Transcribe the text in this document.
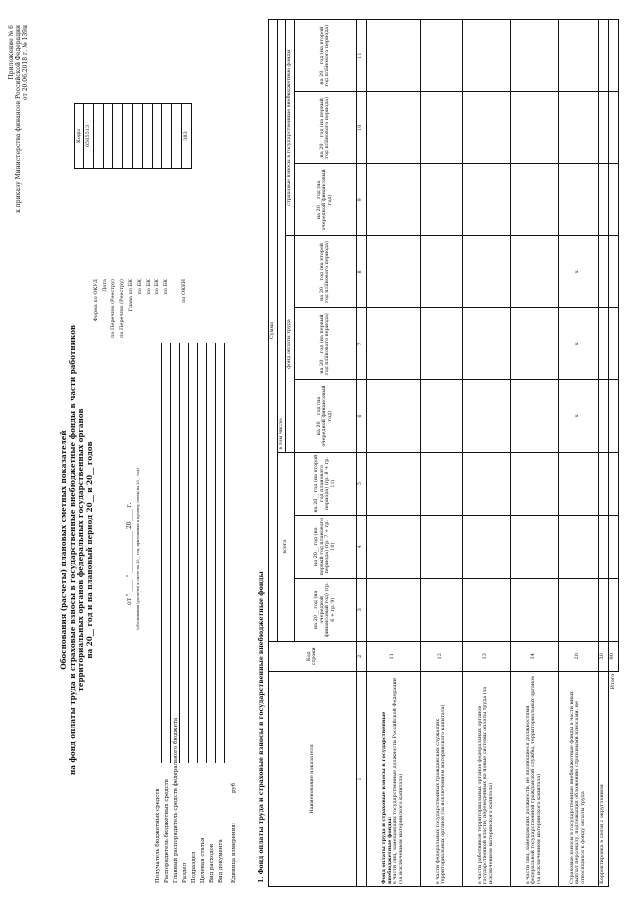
Приложение № 6 к приказу Министерства финансов Российской Федерации от 20.06.2018 г. № 139н
Обоснования (расчеты) плановых сметных показателей на фонд оплаты труда и страховые взносы в государственные внебюджетные фонды в части работников территориальных органов федеральных государственных органов на 20__ год и на плановый период 20__ и 20__ годов	от " ____ " ______________ 20____ г. (обоснования (расчеты) к смете на 20__ год, приложение к проекту сметы на 20__ год)
Получатель бюджетных средств Распорядитель бюджетных средств Главный распорядитель средств федерального бюджета Раздел Подраздел Целевая статья Вид расходов Вид документа Единица измерения:
руб
Форма по ОКУД Дата по Перечню (Реестру) по Перечню (Реестру) Глава по БК по БК по БК по БК по БК	по ОКЕИ
Коды 0505513	383
1. Фонд оплаты труда и страховые взносы в государственные внебюджетные фонды	Наименование показателя	Код строки	Сумма								
		всего			в том числе:					
					фонд оплаты труда			страховые взносы в государственные внебюджетные фонды		
		на 20__ год (на очередной финансовый год) (гр. 6 + гр. 9)	на 20__ год (на первый год планового периода) (гр. 7 + гр. 10)	на 20__ год (на второй год планового периода) (гр. 8 + гр. 11)	на 20__ год (на очередной финансовый год)	на 20__ год (на первый год планового периода)	на 20__ год (на второй год планового периода)	на 20__ год (на очередной финансовый год)	на 20__ год (на первый год планового периода)	на 20__ год (на второй год планового периода)
1	2	3	4	5	6	7	8	9	10	11

Фонд оплаты труда и страховые взносы в государственные внебюджетные фонды: в части лиц, замещающих государственные должности Российской Федерации (за исключением материнского капитала)	11									
в части федеральных государственных гражданских служащих территориальных органов (за исключением материнского капитала)	12									
в части работников территориальных органов федеральных органов государственной власти, переведенных на новые системы оплаты труда (за исключением материнского капитала)	13									
в части лиц, замещающих должности, не являющиеся должностями федеральной государственной гражданской службы, территориальных органов (за исключением материнского капитала)	14									
Страховые взносы в государственные внебюджетные фонды в части иных выплат персоналу, подлежащих обложению страховыми взносами, не относящихся к фонду оплаты труда	20				x	x	x			
Корректировка в связи с округлением	30									
Итого	90									
